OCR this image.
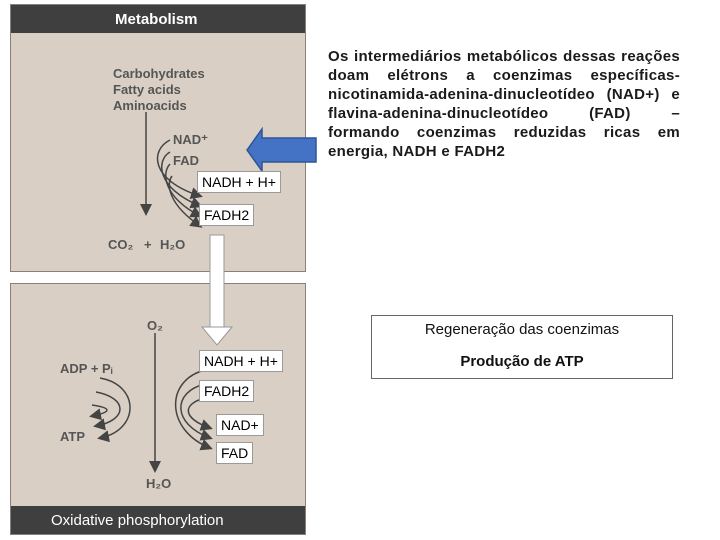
Metabolism
Oxidative phosphorylation
Carbohydrates
Fatty acids
Aminoacids
NAD⁺
FAD
NADH + H+
FADH2
CO₂ + H₂O
O₂
ADP + Pᵢ
ATP
H₂O
NADH + H+
FADH2
NAD+
FAD
Os intermediários metabólicos dessas reações doam elétrons a coenzimas específicas- nicotinamida-adenina-dinucleotídeo (NAD+) e flavina-adenina-dinucleotídeo (FAD) – formando coenzimas reduzidas ricas em energia, NADH e FADH2
Regeneração das coenzimas
Produção de ATP
